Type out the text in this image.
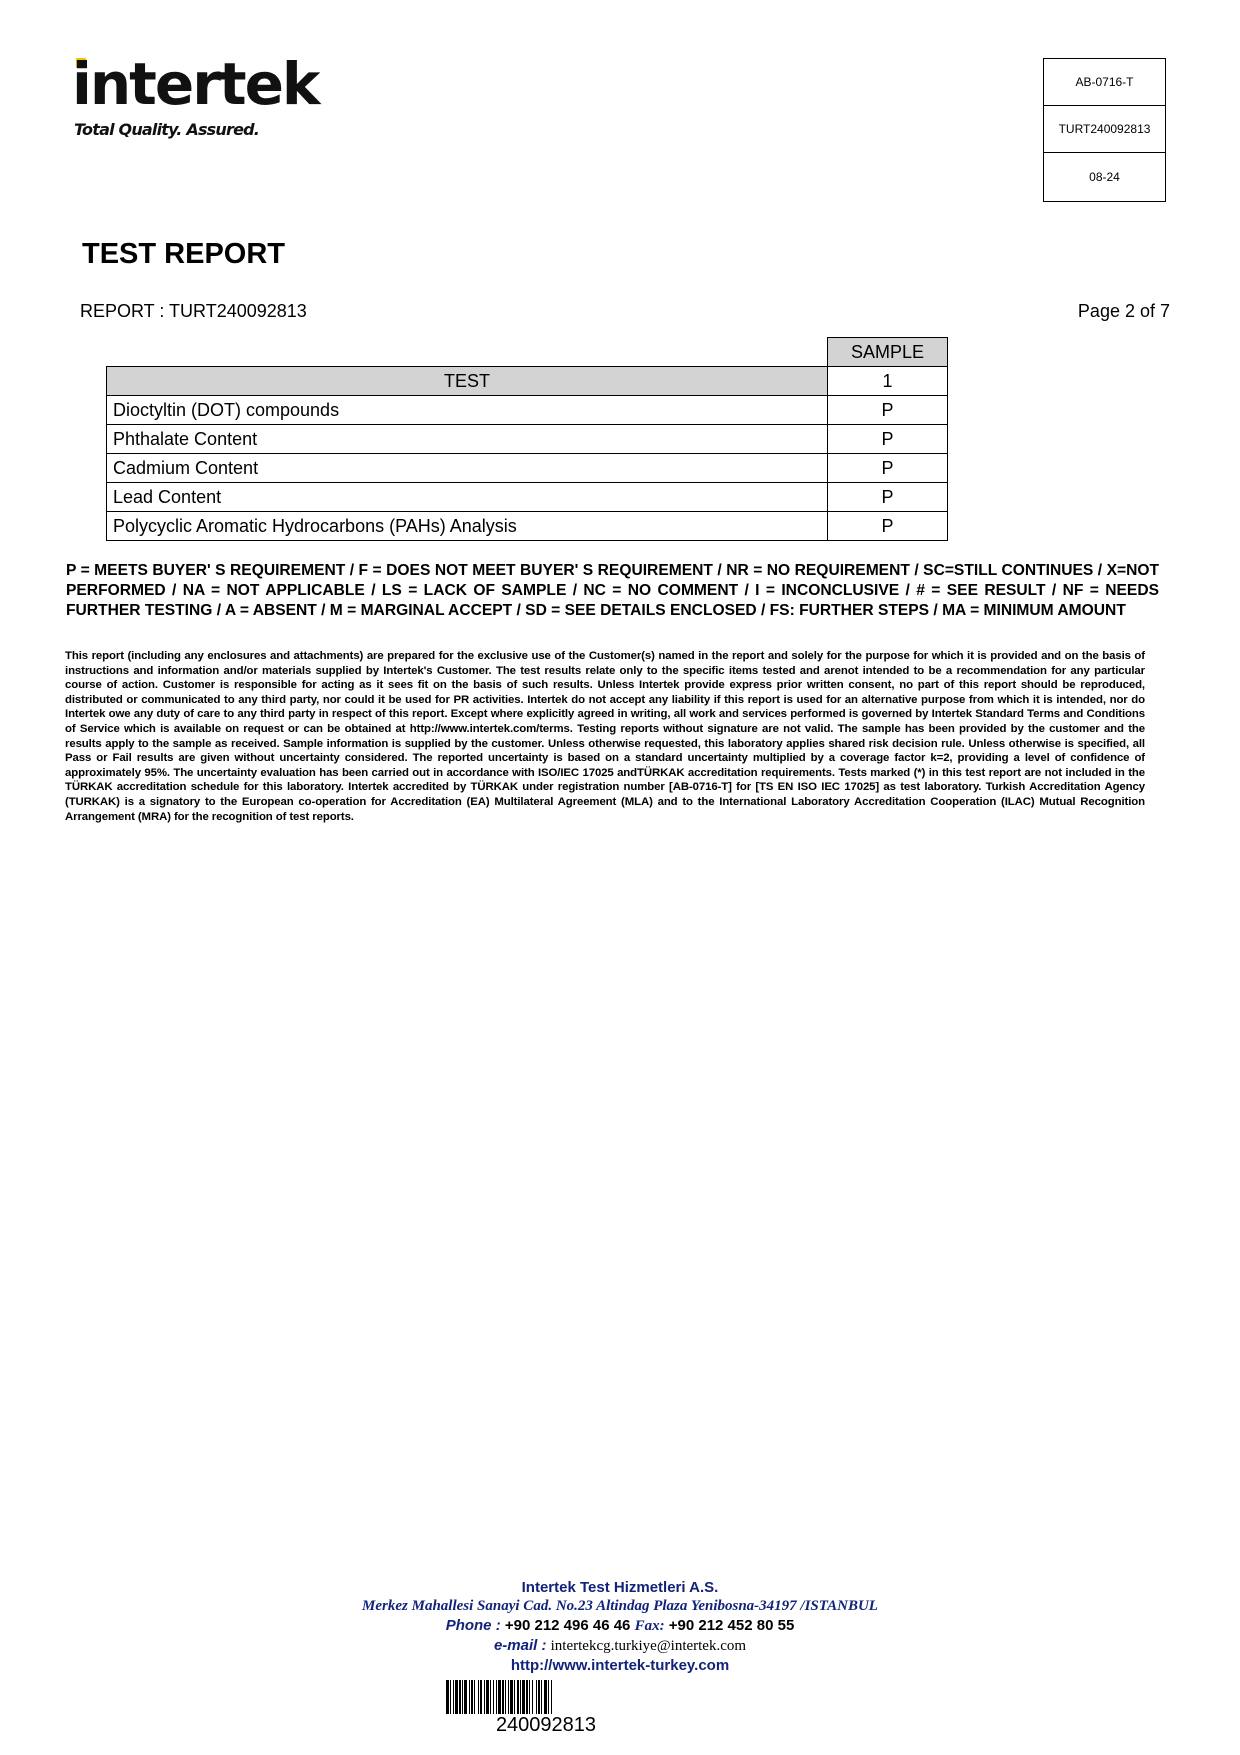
intertek
Total Quality. Assured.
AB-0716-T
TURT240092813
08-24
TEST REPORT
REPORT : TURT240092813	Page 2 of 7
	SAMPLE
TEST	1
Dioctyltin (DOT) compounds	P
Phthalate Content	P
Cadmium Content	P
Lead Content	P
Polycyclic Aromatic Hydrocarbons (PAHs) Analysis	P

P = MEETS BUYER' S REQUIREMENT / F = DOES NOT MEET BUYER' S REQUIREMENT / NR = NO REQUIREMENT / SC=STILL CONTINUES / X=NOT PERFORMED / NA = NOT APPLICABLE / LS = LACK OF SAMPLE / NC = NO COMMENT / I = INCONCLUSIVE / # = SEE RESULT / NF = NEEDS FURTHER TESTING / A = ABSENT / M = MARGINAL ACCEPT / SD = SEE DETAILS ENCLOSED / FS: FURTHER STEPS / MA = MINIMUM AMOUNT

This report (including any enclosures and attachments) are prepared for the exclusive use of the Customer(s) named in the report and solely for the purpose for which it is provided and on the basis of instructions and information and/or materials supplied by Intertek's Customer. The test results relate only to the specific items tested and arenot intended to be a recommendation for any particular course of action. Customer is responsible for acting as it sees fit on the basis of such results. Unless Intertek provide express prior written consent, no part of this report should be reproduced, distributed or communicated to any third party, nor could it be used for PR activities. Intertek do not accept any liability if this report is used for an alternative purpose from which it is intended, nor do Intertek owe any duty of care to any third party in respect of this report. Except where explicitly agreed in writing, all work and services performed is governed by Intertek Standard Terms and Conditions of Service which is available on request or can be obtained at http://www.intertek.com/terms. Testing reports without signature are not valid. The sample has been provided by the customer and the results apply to the sample as received. Sample information is supplied by the customer. Unless otherwise requested, this laboratory applies shared risk decision rule. Unless otherwise is specified, all Pass or Fail results are given without uncertainty considered. The reported uncertainty is based on a standard uncertainty multiplied by a coverage factor k=2, providing a level of confidence of approximately 95%. The uncertainty evaluation has been carried out in accordance with ISO/IEC 17025 andTÜRKAK accreditation requirements. Tests marked (*) in this test report are not included in the TÜRKAK accreditation schedule for this laboratory. Intertek accredited by TÜRKAK under registration number [AB-0716-T] for [TS EN ISO IEC 17025] as test laboratory. Turkish Accreditation Agency (TURKAK) is a signatory to the European co-operation for Accreditation (EA) Multilateral Agreement (MLA) and to the International Laboratory Accreditation Cooperation (ILAC) Mutual Recognition Arrangement (MRA) for the recognition of test reports.

Intertek Test Hizmetleri A.S.
Merkez Mahallesi Sanayi Cad. No.23 Altindag Plaza Yenibosna-34197 /ISTANBUL
Phone : +90 212 496 46 46 Fax: +90 212 452 80 55
e-mail : intertekcg.turkiye@intertek.com
http://www.intertek-turkey.com
240092813
